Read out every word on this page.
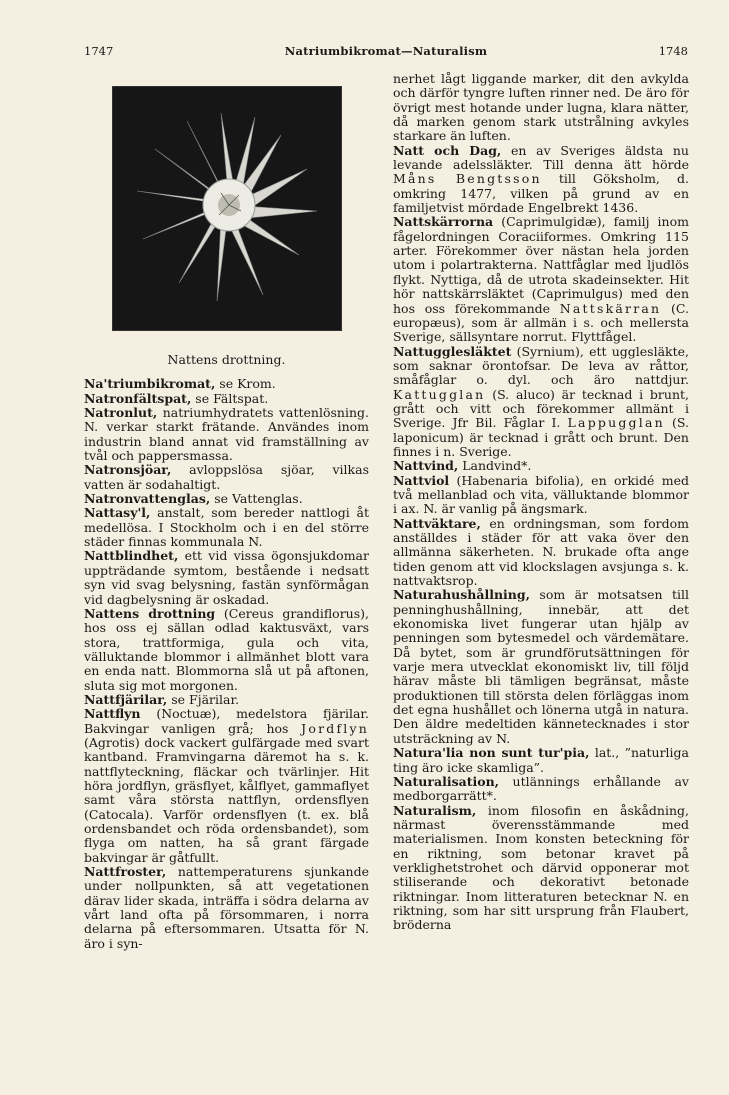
1747	Natriumbikromat—Naturalism	1748
Nattens drottning.

Na'triumbikromat, se Krom.

Natronfältspat, se Fältspat.

Natronlut, natriumhydratets vattenlösning. N. verkar starkt frätande. Användes inom industrin bland annat vid framställning av tvål och pappersmassa.

Natronsjöar, avloppslösa sjöar, vilkas vatten är sodahaltigt.

Natronvattenglas, se Vattenglas.

Nattasy'l, anstalt, som bereder nattlogi åt medellösa. I Stockholm och i en del större städer finnas kommunala N.

Nattblindhet, ett vid vissa ögonsjukdomar uppträdande symtom, bestående i nedsatt syn vid svag belysning, fastän synförmågan vid dagbelysning är oskadad.

Nattens drottning (Cereus grandiflorus), hos oss ej sällan odlad kaktusväxt, vars stora, trattformiga, gula och vita, välluktande blommor i allmänhet blott vara en enda natt. Blommorna slå ut på aftonen, sluta sig mot morgonen.

Nattfjärilar, se Fjärilar.

Nattflyn (Noctuæ), medelstora fjärilar. Bakvingar vanligen grå; hos Jordflyn (Agrotis) dock vackert gulfärgade med svart kantband. Framvingarna däremot ha s. k. nattflyteckning, fläckar och tvärlinjer. Hit höra jordflyn, gräsflyet, kålflyet, gammaflyet samt våra största nattflyn, ordensflyen (Catocala). Varför ordensflyen (t. ex. blå ordensbandet och röda ordensbandet), som flyga om natten, ha så grant färgade bakvingar är gåtfullt.

Nattfroster, nattemperaturens sjunkande under nollpunkten, så att vegetationen därav lider skada, inträffa i södra delarna av vårt land ofta på försommaren, i norra delarna på eftersommaren. Utsatta för N. äro i syn-

nerhet lågt liggande marker, dit den avkylda och därför tyngre luften rinner ned. De äro för övrigt mest hotande under lugna, klara nätter, då marken genom stark utstrålning avkyles starkare än luften.

Natt och Dag, en av Sveriges äldsta nu levande adelssläkter. Till denna ätt hörde Måns Bengtsson till Göksholm, d. omkring 1477, vilken på grund av en familjetvist mördade Engelbrekt 1436.

Nattskärrorna (Caprimulgidæ), familj inom fågelordningen Coraciiformes. Omkring 115 arter. Förekommer över nästan hela jorden utom i polartrakterna. Nattfåglar med ljudlös flykt. Nyttiga, då de utrota skadeinsekter. Hit hör nattskärrsläktet (Caprimulgus) med den hos oss förekommande Nattskärran (C. europæus), som är allmän i s. och mellersta Sverige, sällsyntare norrut. Flyttfågel.

Nattugglesläktet (Syrnium), ett ugglesläkte, som saknar örontofsar. De leva av råttor, småfåglar o. dyl. och äro nattdjur. Kattugglan (S. aluco) är tecknad i brunt, grått och vitt och förekommer allmänt i Sverige. Jfr Bil. Fåglar I. Lappugglan (S. laponicum) är tecknad i grått och brunt. Den finnes i n. Sverige.

Nattvind, Landvind*.

Nattviol (Habenaria bifolia), en orkidé med två mellanblad och vita, välluktande blommor i ax. N. är vanlig på ängsmark.

Nattväktare, en ordningsman, som fordom anställdes i städer för att vaka över den allmänna säkerheten. N. brukade ofta ange tiden genom att vid klockslagen avsjunga s. k. nattvaktsrop.

Naturahushållning, som är motsatsen till penninghushållning, innebär, att det ekonomiska livet fungerar utan hjälp av penningen som bytesmedel och värdemätare. Då bytet, som är grundförutsättningen för varje mera utvecklat ekonomiskt liv, till följd härav måste bli tämligen begränsat, måste produktionen till största delen förläggas inom det egna hushållet och lönerna utgå in natura. Den äldre medeltiden kännetecknades i stor utsträckning av N.

Natura'lia non sunt tur'pia, lat., ”naturliga ting äro icke skamliga”.

Naturalisation, utlännings erhållande av medborgarrätt*.

Naturalism, inom filosofin en åskådning, närmast överensstämmande med materialismen. Inom konsten beteckning för en riktning, som betonar kravet på verklighetstrohet och därvid opponerar mot stiliserande och dekorativt betonade riktningar. Inom litteraturen betecknar N. en riktning, som har sitt ursprung från Flaubert, bröderna
